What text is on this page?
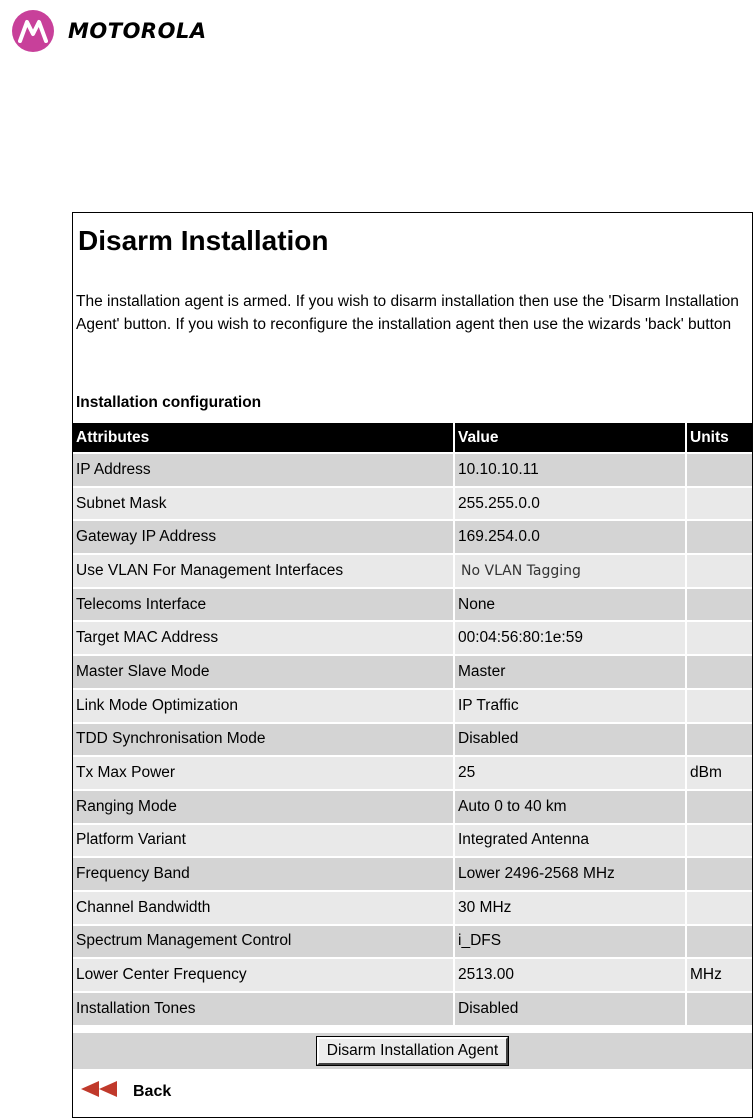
MOTOROLA
Disarm Installation
The installation agent is armed. If you wish to disarm installation then use the 'Disarm Installation Agent' button. If you wish to reconfigure the installation agent then use the wizards 'back' button
Installation configuration
Attributes	Value	Units
IP Address	10.10.10.11	
Subnet Mask	255.255.0.0	
Gateway IP Address	169.254.0.0	
Use VLAN For Management Interfaces	No VLAN Tagging	
Telecoms Interface	None	
Target MAC Address	00:04:56:80:1e:59	
Master Slave Mode	Master	
Link Mode Optimization	IP Traffic	
TDD Synchronisation Mode	Disabled	
Tx Max Power	25	dBm
Ranging Mode	Auto 0 to 40 km	
Platform Variant	Integrated Antenna	
Frequency Band	Lower 2496-2568 MHz	
Channel Bandwidth	30 MHz	
Spectrum Management Control	i_DFS	
Lower Center Frequency	2513.00	MHz
Installation Tones	Disabled	
Disarm Installation Agent
Back
